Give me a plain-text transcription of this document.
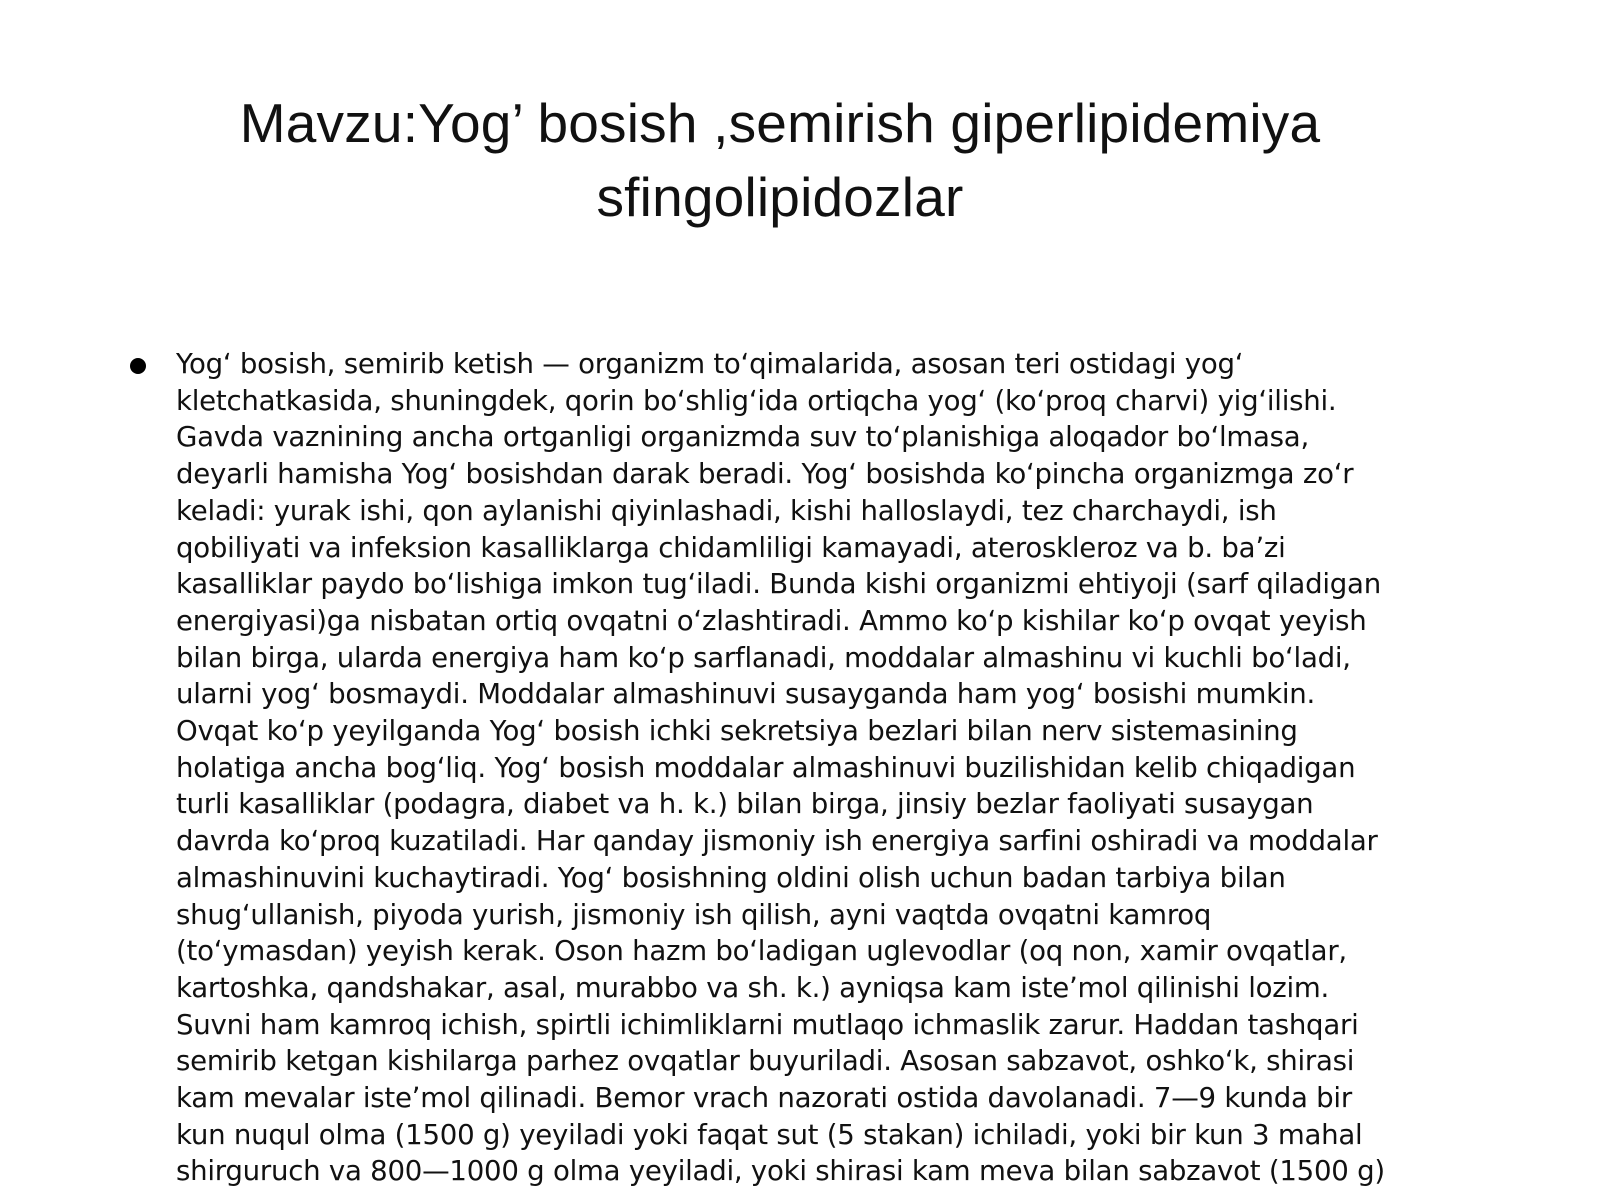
Mavzu:Yog’ bosish ,semirish giperlipidemiya
sfingolipidozlar

Yogʻ bosish, semirib ketish — organizm toʻqimalarida, asosan teri ostidagi yogʻ
kletchatkasida, shuningdek, qorin boʻshligʻida ortiqcha yogʻ (koʻproq charvi) yigʻilishi.
Gavda vaznining ancha ortganligi organizmda suv toʻplanishiga aloqador boʻlmasa,
deyarli hamisha Yogʻ bosishdan darak beradi. Yogʻ bosishda koʻpincha organizmga zoʻr
keladi: yurak ishi, qon aylanishi qiyinlashadi, kishi halloslaydi, tez charchaydi, ish
qobiliyati va infeksion kasalliklarga chidamliligi kamayadi, ateroskleroz va b. baʼzi
kasalliklar paydo boʻlishiga imkon tugʻiladi. Bunda kishi organizmi ehtiyoji (sarf qiladigan
energiyasi)ga nisbatan ortiq ovqatni oʻzlashtiradi. Ammo koʻp kishilar koʻp ovqat yeyish
bilan birga, ularda energiya ham koʻp sarflanadi, moddalar almashinu vi kuchli boʻladi,
ularni yogʻ bosmaydi. Moddalar almashinuvi susayganda ham yogʻ bosishi mumkin.
Ovqat koʻp yeyilganda Yogʻ bosish ichki sekretsiya bezlari bilan nerv sistemasining
holatiga ancha bogʻliq. Yogʻ bosish moddalar almashinuvi buzilishidan kelib chiqadigan
turli kasalliklar (podagra, diabet va h. k.) bilan birga, jinsiy bezlar faoliyati susaygan
davrda koʻproq kuzatiladi. Har qanday jismoniy ish energiya sarfini oshiradi va moddalar
almashinuvini kuchaytiradi. Yogʻ bosishning oldini olish uchun badan tarbiya bilan
shugʻullanish, piyoda yurish, jismoniy ish qilish, ayni vaqtda ovqatni kamroq
(toʻymasdan) yeyish kerak. Oson hazm boʻladigan uglevodlar (oq non, xamir ovqatlar,
kartoshka, qandshakar, asal, murabbo va sh. k.) ayniqsa kam isteʼmol qilinishi lozim.
Suvni ham kamroq ichish, spirtli ichimliklarni mutlaqo ichmaslik zarur. Haddan tashqari
semirib ketgan kishilarga parhez ovqatlar buyuriladi. Asosan sabzavot, oshkoʻk, shirasi
kam mevalar isteʼmol qilinadi. Bemor vrach nazorati ostida davolanadi. 7—9 kunda bir
kun nuqul olma (1500 g) yeyiladi yoki faqat sut (5 stakan) ichiladi, yoki bir kun 3 mahal
shirguruch va 800—1000 g olma yeyiladi, yoki shirasi kam meva bilan sabzavot (1500 g)
